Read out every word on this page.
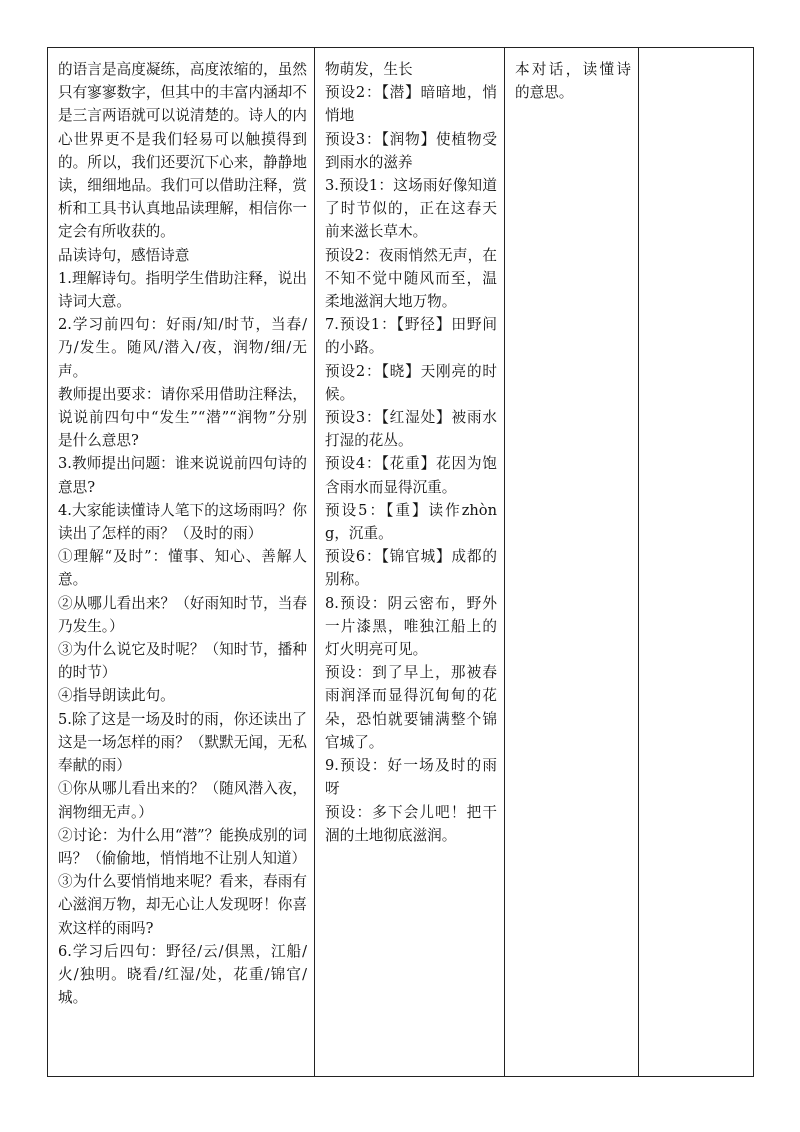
的语言是高度凝练，高度浓缩的，虽然只有寥寥数字，但其中的丰富内涵却不是三言两语就可以说清楚的。诗人的内心世界更不是我们轻易可以触摸得到的。所以，我们还要沉下心来，静静地读，细细地品。我们可以借助注释，赏析和工具书认真地品读理解，相信你一定会有所收获的。
品读诗句，感悟诗意
1.理解诗句。指明学生借助注释，说出诗词大意。
2.学习前四句：好雨/知/时节，当春/乃/发生。随风/潜入/夜，润物/细/无声。
教师提出要求：请你采用借助注释法，说说前四句中“发生”“潜”“润物”分别是什么意思?
3.教师提出问题：谁来说说前四句诗的意思?
4.大家能读懂诗人笔下的这场雨吗？你读出了怎样的雨？（及时的雨）
①理解“及时”：懂事、知心、善解人意。
②从哪儿看出来？（好雨知时节，当春乃发生。）
③为什么说它及时呢？（知时节，播种的时节）
④指导朗读此句。
5.除了这是一场及时的雨，你还读出了这是一场怎样的雨？（默默无闻，无私奉献的雨）
①你从哪儿看出来的？（随风潜入夜，润物细无声。）
②讨论：为什么用“潜”？能换成别的词吗？（偷偷地，悄悄地不让别人知道）
③为什么要悄悄地来呢？看来，春雨有心滋润万物，却无心让人发现呀！你喜欢这样的雨吗?
6.学习后四句：野径/云/俱黑，江船/火/独明。晓看/红湿/处，花重/锦官/城。

物萌发，生长
预设2：【潜】暗暗地，悄悄地
预设3：【润物】使植物受到雨水的滋养
3.预设1：这场雨好像知道了时节似的，正在这春天前来滋长草木。
预设2：夜雨悄然无声，在不知不觉中随风而至，温柔地滋润大地万物。
7.预设1：【野径】田野间的小路。
预设2：【晓】天刚亮的时候。
预设3：【红湿处】被雨水打湿的花丛。
预设4：【花重】花因为饱含雨水而显得沉重。
预设5：【重】读作zhòng，沉重。
预设6：【锦官城】成都的别称。
8.预设：阴云密布，野外一片漆黑，唯独江船上的灯火明亮可见。
预设：到了早上，那被春雨润泽而显得沉甸甸的花朵，恐怕就要铺满整个锦官城了。
9.预设：好一场及时的雨呀
预设：多下会儿吧！把干涸的土地彻底滋润。

本对话，读懂诗的意思。
